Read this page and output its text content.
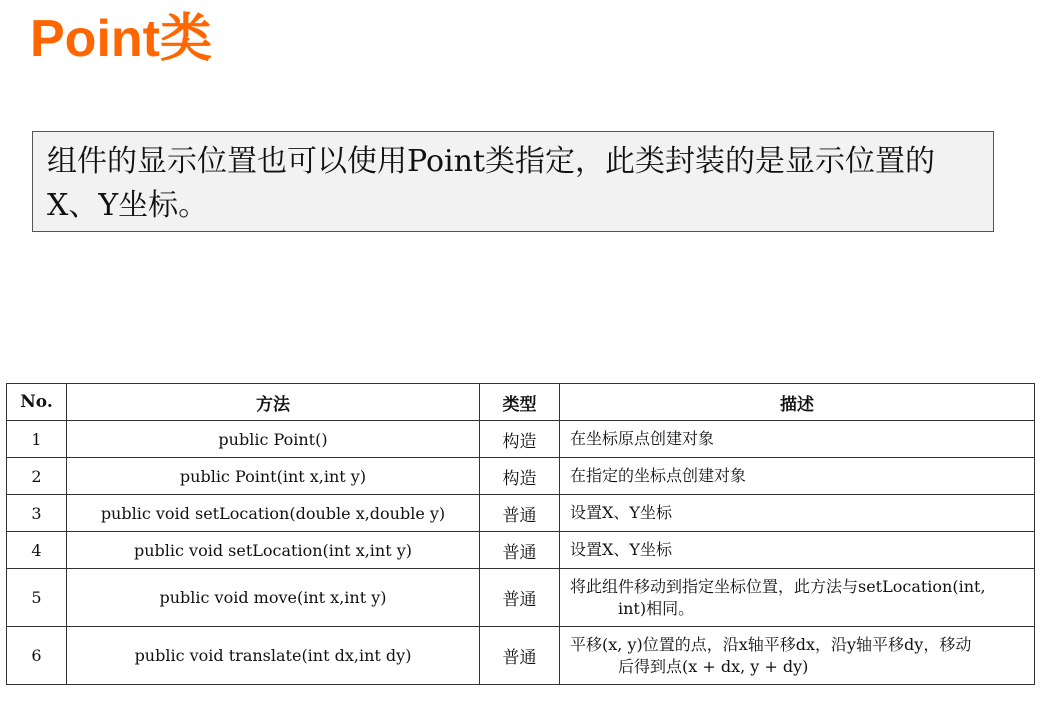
Point类
组件的显示位置也可以使用Point类指定，此类封装的是显示位置的X、Y坐标。
No.	方法	类型	描述
1	public Point()	构造	在坐标原点创建对象
2	public Point(int x,int y)	构造	在指定的坐标点创建对象
3	public void setLocation(double x,double y)	普通	设置X、Y坐标
4	public void setLocation(int x,int y)	普通	设置X、Y坐标
5	public void move(int x,int y)	普通	将此组件移动到指定坐标位置，此方法与setLocation(int,
int)相同。

6	public void translate(int dx,int dy)	普通	平移(x, y)位置的点，沿x轴平移dx，沿y轴平移dy，移动
后得到点(x + dx, y + dy)
